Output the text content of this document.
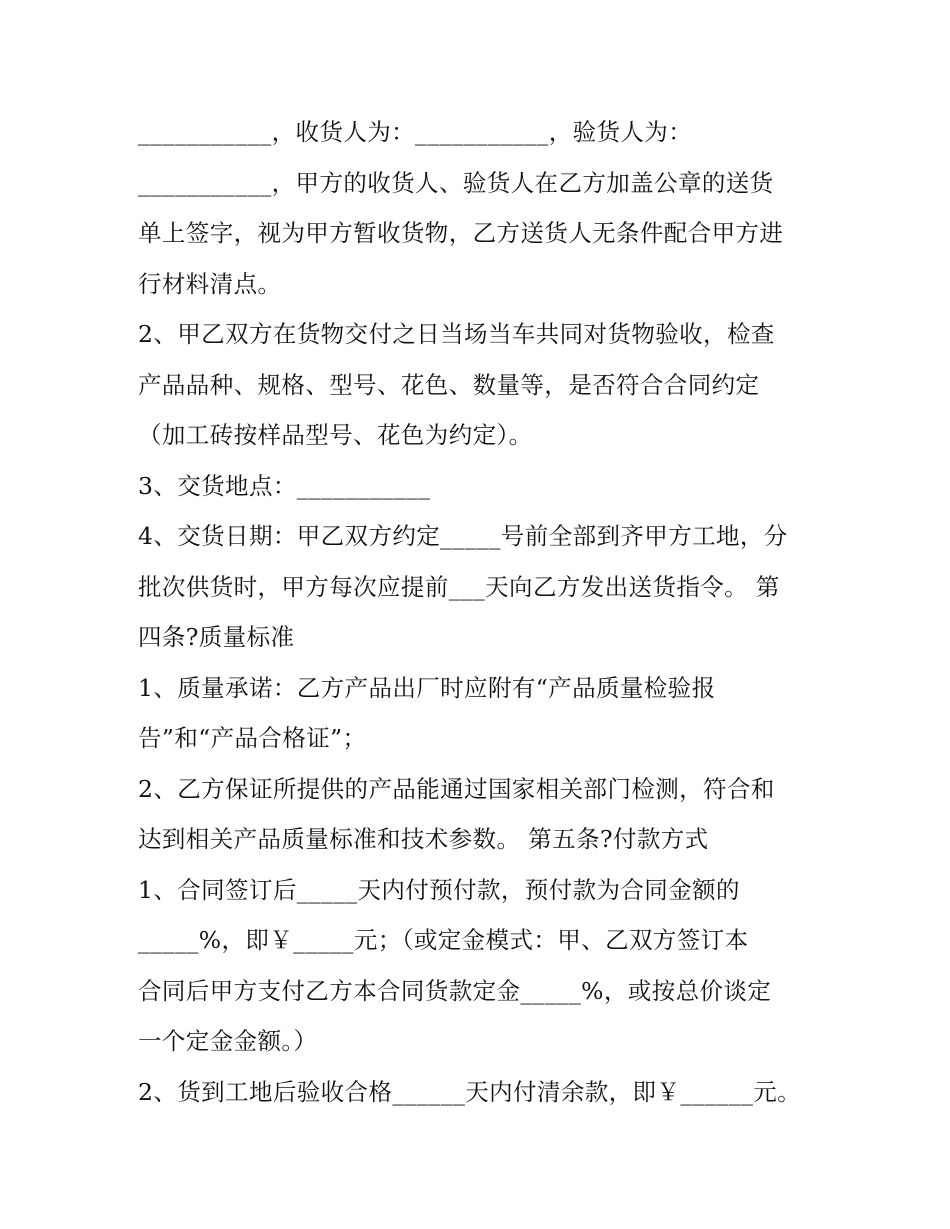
___________，收货人为：___________，验货人为：
___________，甲方的收货人、验货人在乙方加盖公章的送货
单上签字，视为甲方暂收货物，乙方送货人无条件配合甲方进
行材料清点。
2、甲乙双方在货物交付之日当场当车共同对货物验收，检查
产品品种、规格、型号、花色、数量等，是否符合合同约定
（加工砖按样品型号、花色为约定）。
3、交货地点：___________
4、交货日期：甲乙双方约定_____号前全部到齐甲方工地，分
批次供货时，甲方每次应提前___天向乙方发出送货指令。 第
四条?质量标准
1、质量承诺：乙方产品出厂时应附有“产品质量检验报
告”和“产品合格证”；
2、乙方保证所提供的产品能通过国家相关部门检测，符合和
达到相关产品质量标准和技术参数。 第五条?付款方式
1、合同签订后_____天内付预付款，预付款为合同金额的
_____%，即￥_____元；（或定金模式：甲、乙双方签订本
合同后甲方支付乙方本合同货款定金_____%，或按总价谈定
一个定金金额。）
2、货到工地后验收合格______天内付清余款，即￥______元。
